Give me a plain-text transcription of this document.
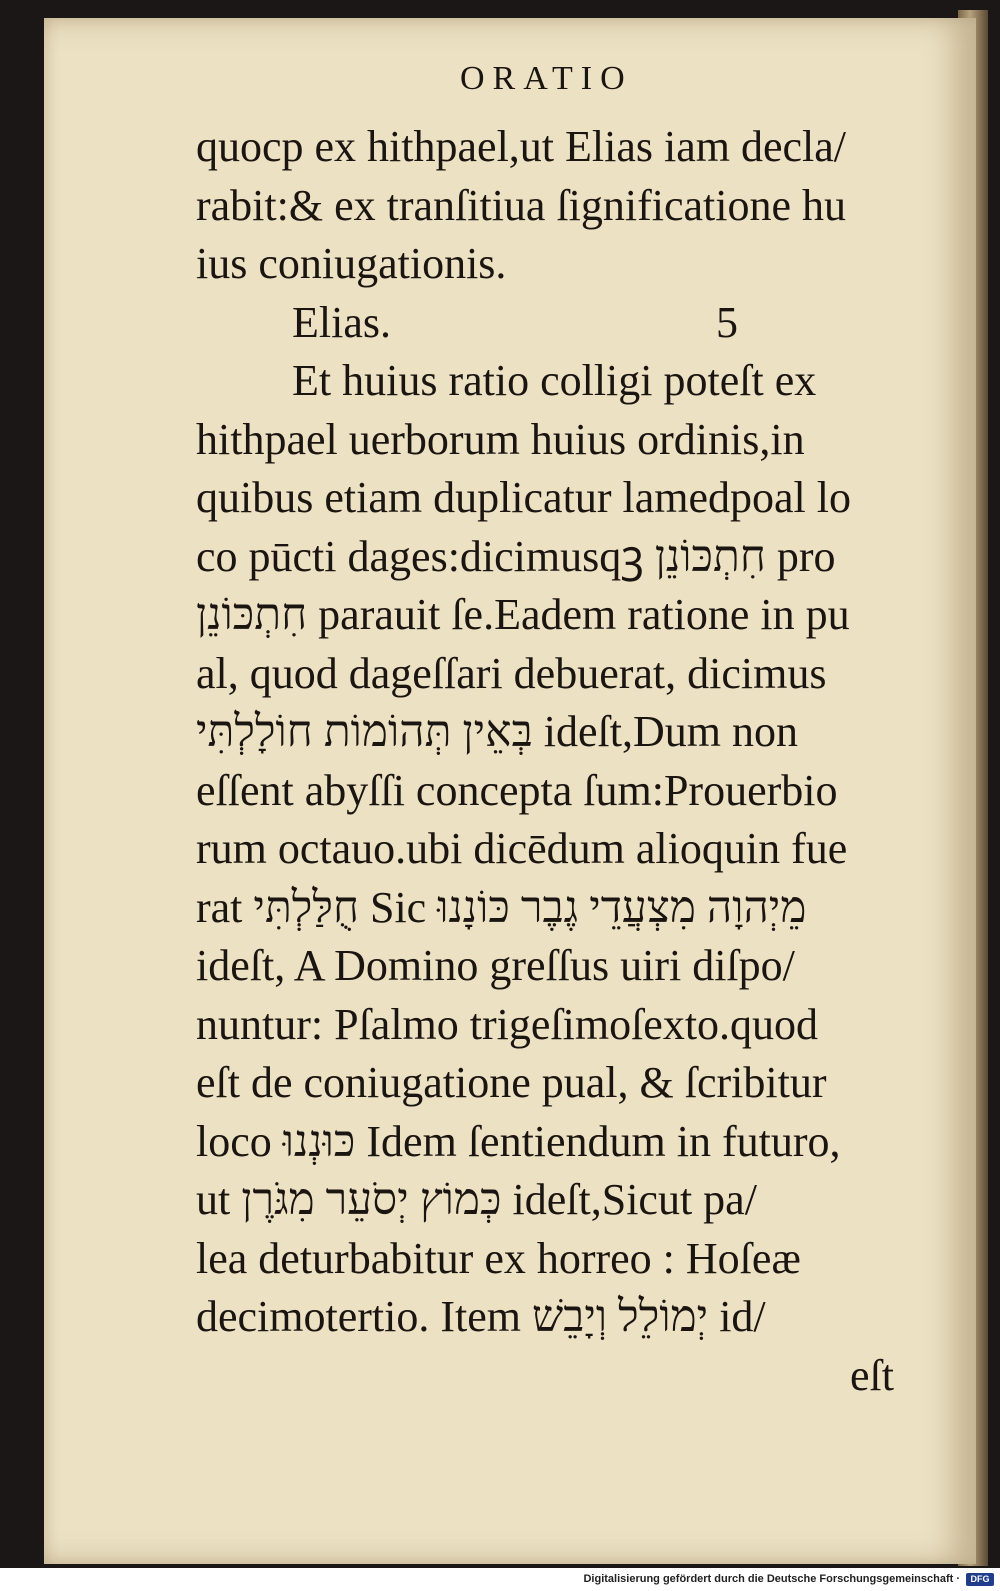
ORATIO
quocp ex hithpael,ut Elias iam decla/
rabit:& ex tranſitiua ſignificatione hu
ius coniugationis.
Elias.	5
Et huius ratio colligi poteſt ex
hithpael uerborum huius ordinis,in
quibus etiam duplicatur lamedpoal lo
co pūcti dages:dicimusqꝫ חִתְכּוֹנֵן pro
חִתְכּוֹנֵן parauit ſe.Eadem ratione in pu
al, quod dageſſari debuerat, dicimus
בְּאֵין תְּהוֹמוֹת חוֹלָלְתִּי ideſt,Dum non
eſſent abyſſi concepta ſum:Prouerbio
rum octauo.ubi dicēdum alioquin fue
rat חֻלַּלְתִּי Sic מֵיְהוָה מִצְעֲדֵי גֶבֶר כּוֹנָנוּ
ideſt, A Domino greſſus uiri diſpo/
nuntur: Pſalmo trigeſimoſexto.quod
eſt de coniugatione pual, & ſcribitur
loco כּוּנְנוּ Idem ſentiendum in futuro,
ut כְּמוֹץ יְסֹעֵר מִגֹּרֶן ideſt,Sicut pa/
lea deturbabitur ex horreo : Hoſeæ
decimotertio. Item יְמוֹלֵל וְיָבֵשׁ id/
eſt
Digitalisierung gefördert durch die Deutsche Forschungsgemeinschaft ·	DFG
